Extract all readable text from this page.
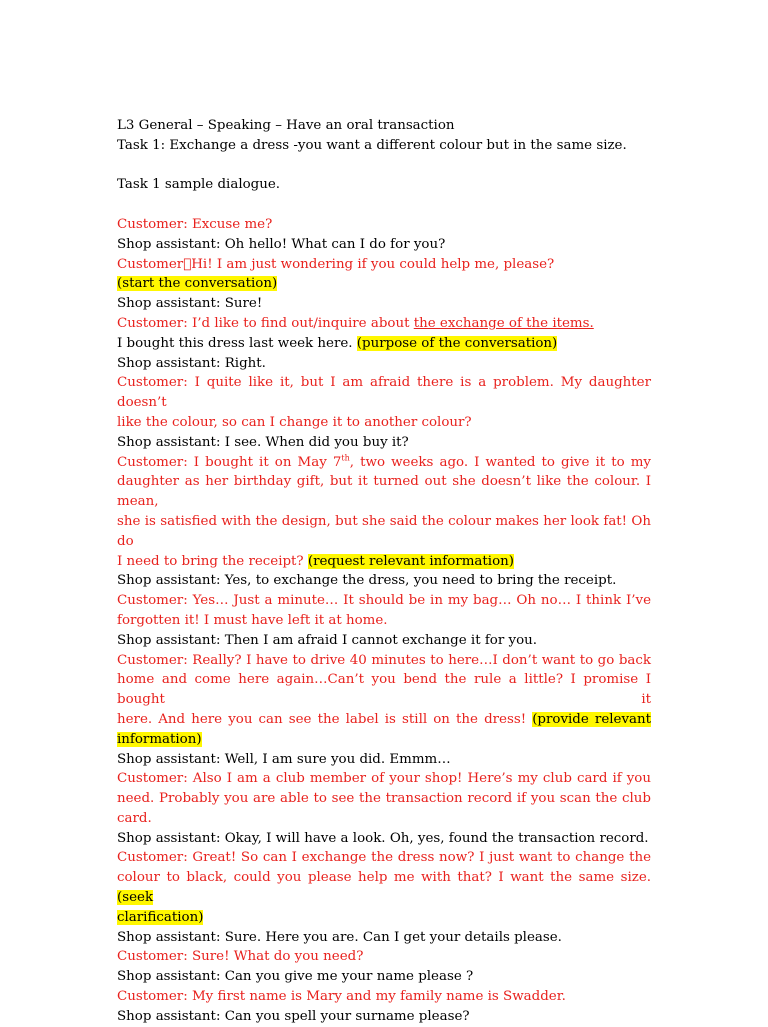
L3 General – Speaking – Have an oral transaction
Task 1: Exchange a dress -you want a different colour but in the same size.
Task 1 sample dialogue.
Customer: Excuse me?
Shop assistant: Oh hello! What can I do for you?
Customer Hi! I am just wondering if you could help me, please?
(start the conversation)
Shop assistant: Sure!
Customer: I’d like to find out/inquire about the exchange of the items.
I bought this dress last week here. (purpose of the conversation)
Shop assistant: Right.
Customer: I quite like it, but I am afraid there is a problem. My daughter doesn’t
like the colour, so can I change it to another colour?
Shop assistant: I see. When did you buy it?
Customer: I bought it on May 7th, two weeks ago. I wanted to give it to my
daughter as her birthday gift, but it turned out she doesn’t like the colour. I mean,
she is satisfied with the design, but she said the colour makes her look fat! Oh do
I need to bring the receipt? (request relevant information)
Shop assistant: Yes, to exchange the dress, you need to bring the receipt.
Customer: Yes… Just a minute… It should be in my bag… Oh no… I think I’ve
forgotten it! I must have left it at home.
Shop assistant: Then I am afraid I cannot exchange it for you.
Customer: Really? I have to drive 40 minutes to here…I don’t want to go back
home and come here again…Can’t you bend the rule a little? I promise I bought it
here. And here you can see the label is still on the dress! (provide relevant
information)
Shop assistant: Well, I am sure you did. Emmm…
Customer: Also I am a club member of your shop! Here’s my club card if you
need. Probably you are able to see the transaction record if you scan the club
card.
Shop assistant: Okay, I will have a look. Oh, yes, found the transaction record.
Customer: Great! So can I exchange the dress now? I just want to change the
colour to black, could you please help me with that? I want the same size. (seek
clarification)
Shop assistant: Sure. Here you are. Can I get your details please.
Customer: Sure! What do you need?
Shop assistant: Can you give me your name please ?
Customer: My first name is Mary and my family name is Swadder.
Shop assistant: Can you spell your surname please?
